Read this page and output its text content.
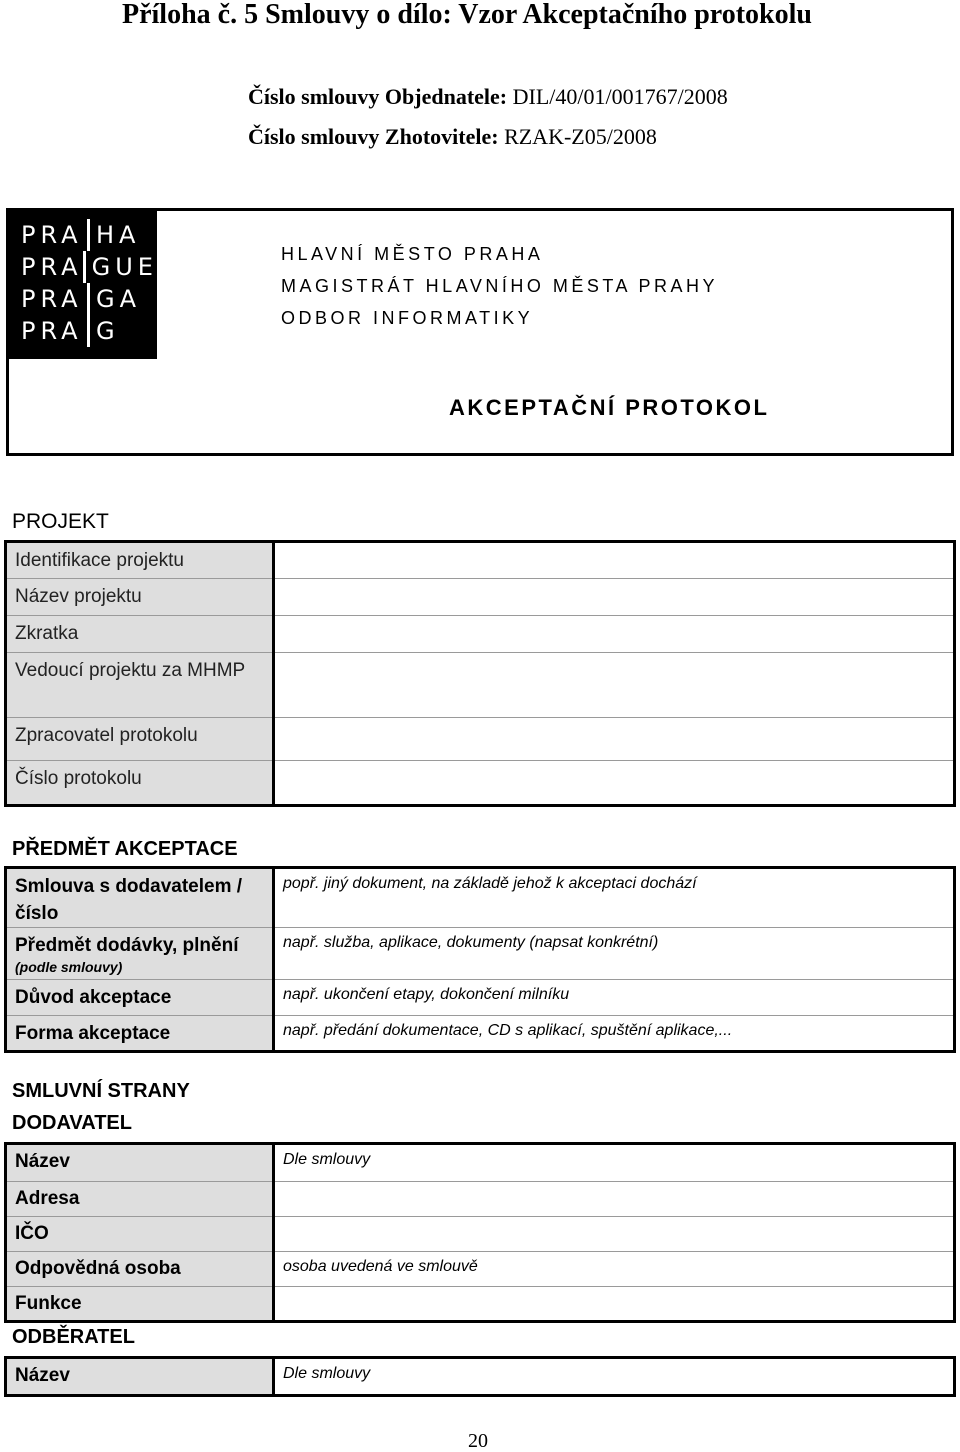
Příloha č. 5 Smlouvy o dílo: Vzor Akceptačního protokolu
Číslo smlouvy Objednatele: DIL/40/01/001767/2008
Číslo smlouvy Zhotovitele: RZAK-Z05/2008
PRA HA
PRA GUE
PRA GA
PRA G
HLAVNÍ MĚSTO PRAHA
MAGISTRÁT HLAVNÍHO MĚSTA PRAHY
ODBOR INFORMATIKY
AKCEPTAČNÍ PROTOKOL
PROJEKT
Identifikace projektu	
Název projektu	
Zkratka	
Vedoucí projektu za MHMP	
Zpracovatel protokolu	
Číslo protokolu	
PŘEDMĚT AKCEPTACE
Smlouva s dodavatelem /číslo	popř. jiný dokument, na základě jehož k akceptaci dochází
Předmět dodávky, plnění
(podle smlouvy)	např. služba, aplikace, dokumenty (napsat konkrétní)
Důvod akceptace	např. ukončení etapy, dokončení milníku
Forma akceptace	např. předání dokumentace, CD s aplikací, spuštění aplikace,...
SMLUVNÍ STRANY
DODAVATEL
Název	Dle smlouvy
Adresa	
IČO	
Odpovědná osoba	osoba uvedená ve smlouvě
Funkce	
ODBĚRATEL
Název	Dle smlouvy
20
